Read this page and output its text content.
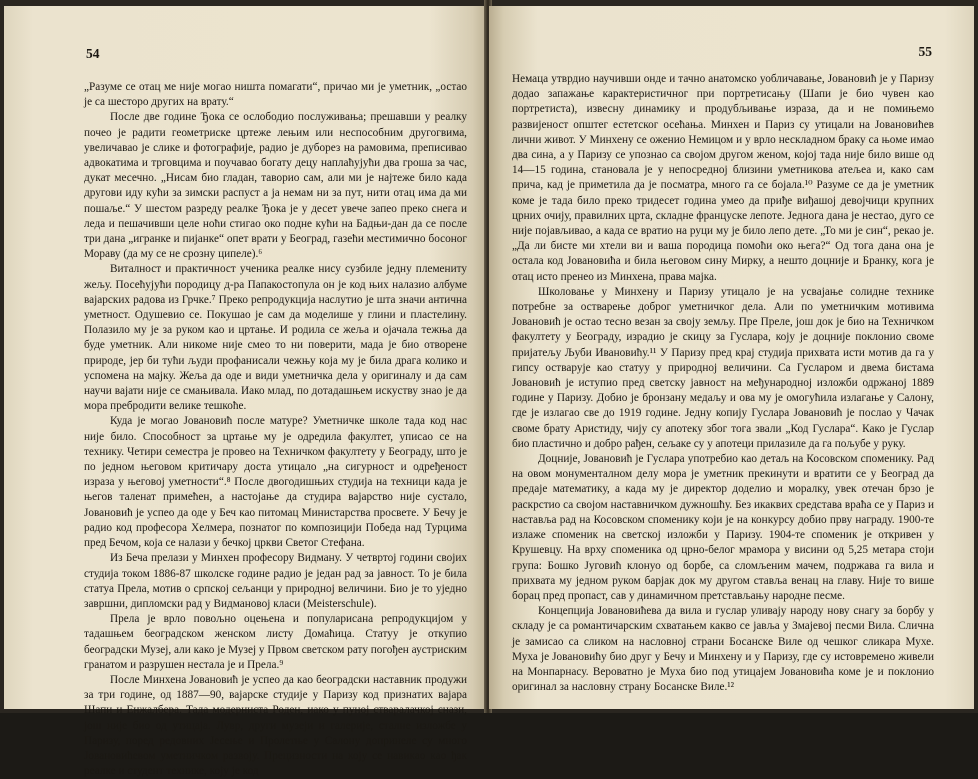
54

„Разуме се отац ме није могао ништа помагати“, причао ми је уметник, „остао је са шесторо других на врату.“

После две године Ђока се ослободио послуживања; прешавши у реалку почео је радити геометриске цртеже лењим или неспособним другогвима, увеличавао је слике и фотографије, радио је дуборез на рамовима, преписивао адвокатима и трговцима и поучавао богату децу наплаћујући два гроша за час, дукат месечно. „Нисам био гладан, таворио сам, али ми је најтеже било када другови иду кући за зимски распуст а ја немам ни за пут, нити отац има да ми пошаље.“ У шестом разреду реалке Ђока је у десет увече запео преко снега и леда и пешачивши целе ноћи стигао око подне кући на Бадњи-дан да се после три дана „игранке и пијанке“ опет врати у Београд, газећи местимично босоног Мораву (да му се не срозну ципеле).⁶

Виталност и практичност ученика реалке нису сузбиле једну племениту жељу. Посећујући породицу д-ра Папакостопула он је код њих налазио албуме вајарских радова из Грчке.⁷ Преко репродукција наслутио је шта значи антична уметност. Одушевио се. Покушао је сам да моделише у глини и пластелину. Полазило му је за руком као и цртање. И родила се жеља и ојачала тежња да буде уметник. Али никоме није смео то ни поверити, мада је био отворене природе, јер би тући људи профанисали чежњу која му је била драга колико и успомена на мајку. Жеља да оде и види уметничка дела у оригиналу и да сам научи вајати није се смањивала. Иако млад, по дотадашњем искуству знао је да мора пребродити велике тешкоће.

Куда је могао Јовановић после матуре? Уметничке школе тада код нас није било. Способност за цртање му је одредила факултет, уписао се на технику. Четири семестра је провео на Техничком факултету у Београду, што је по једном његовом критичару доста утицало „на сигурност и одређеност израза у његовој уметности“.⁸ После двогодишњих студија на техници када је његов таленат примећен, а настојање да студира вајарство није сустало, Јовановић је успео да оде у Беч као питомац Министарства просвете. У Бечу је радио код професора Хелмера, познатог по композицији Победа над Турцима пред Бечом, која се налази у бечкој цркви Светог Стефана.

Из Беча прелази у Минхен професору Видману. У четвртој години својих студија током 1886-87 школске године радио је један рад за јавност. То је била статуа Прела, мотив о српској сељанци у природној величини. Био је то уједно завршни, дипломски рад у Видмановој класи (Meisterschule).

Прела је врло повољно оцењена и популарисана репродукцијом у тадашњем београдском женском листу Домаћица. Статуу је откупио београдски Музеј, али како је Музеј у Првом светском рату погођен аустриским гранатом и разрушен нестала је и Прела.⁹

После Минхена Јовановић је успео да као београдски наставник продужи за три године, од 1887—90, вајарске студије у Паризу код признатих вајара Шапи и Енжалбера. Тада модерниста Роден, иако у пуној стваралачкој снази, још није био од утицаја. Лувр, други музеји и галерије, сталне изложбе у Паризу, поред редовних Јесење и Пролетње у Салону допринеле су много Јовановићевом уметничком развоју. Прецизности на коју се навикао као ђак реалке и студент технике, коју је код

55

Немаца утврдио научивши онде и тачно анатомско уобличавање, Јовановић је у Паризу додао запажање карактеристичног при портретисању (Шапи је био чувен као портретиста), извесну динамику и продубљивање израза, да и не помињемо развијеност општег естетског осећања. Минхен и Париз су утицали на Јовановићев лични живот. У Минхену се оженио Немицом и у врло нескладном браку са њоме имао два сина, а у Паризу се упознао са својом другом женом, којој тада није било више од 14—15 година, становала је у непосредној близини уметникова атељеа и, како сам прича, кад је приметила да је посматра, много га се бојала.¹⁰ Разуме се да је уметник коме је тада било преко тридесет година умео да приђе виђашој девојчици крупних црних очију, правилних црта, складне француске лепоте. Једнога дана је нестао, дуго се није појављивао, а када се вратио на руци му је било лепо дете. „То ми је син“, рекао је. „Да ли бисте ми хтели ви и ваша породица помоћи око њега?“ Од тога дана она је остала код Јовановића и била његовом сину Мирку, а нешто доцније и Бранку, кога је отац исто пренео из Минхена, права мајка.

Школовање у Минхену и Паризу утицало је на усвајање солидне технике потребне за остварење доброг уметничког дела. Али по уметничким мотивима Јовановић је остао тесно везан за своју земљу. Пре Прелe, још док је био на Техничком факултету у Београду, израдио је скицу за Гуслара, коју је доцније поклонио своме пријатељу Љуби Ивановићу.¹¹ У Паризу пред крај студија прихвата исти мотив да га у гипсу остварује као статуу у природној величини. Са Гусларом и двема бистама Јовановић је иступио пред светску јавност на међународној изложби одржаној 1889 године у Паризу. Добио је бронзану медаљу и ова му је омогућила излагање у Салону, где је излагао све до 1919 године. Једну копију Гуслара Јовановић је послао у Чачак своме брату Аристиду, чију су апотеку због тога звали „Код Гуслара“. Како је Гуслар био пластично и добро рађен, сељаке су у апотеци прилазиле да га пољубе у руку.

Доцније, Јовановић је Гуслара употребио као детаљ на Косовском споменику. Рад на овом монументалном делу мора је уметник прекинути и вратити се у Београд да предаје математику, а када му је директор доделио и моралку, увек отечан брзо је раскрстио са својом наставничком дужношћу. Без икаквих средстава враћа се у Париз и наставља рад на Косовском споменику који је на конкурсу добио прву награду. 1900-те излаже споменик на светској изложби у Паризу. 1904-те споменик је откривен у Крушевцу. На врху споменика од црно-белог мрамора у висини од 5,25 метара стоји група: Бошко Југовић клонуо од борбе, са сломљеним мачем, подржава га вила и прихвата му једном руком барјак док му другом ставља венац на главу. Није то више борац пред пропаст, сав у динамичном претстављању народне песме.

Концепција Јовановићева да вила и гуслар уливају народу нову снагу за борбу у складу је са романтичарским схватањем какво се јавља у Змајевој песми Вила. Слична је замисао са сликом на насловној страни Босанске Виле од чешког сликара Мухе. Муха је Јовановићу био друг у Бечу и Минхену и у Паризу, где су истовремено живели на Монпарнасу. Вероватно је Муха био под утицајем Јовановића коме је и поклонио оригинал за насловну страну Босанске Виле.¹²
